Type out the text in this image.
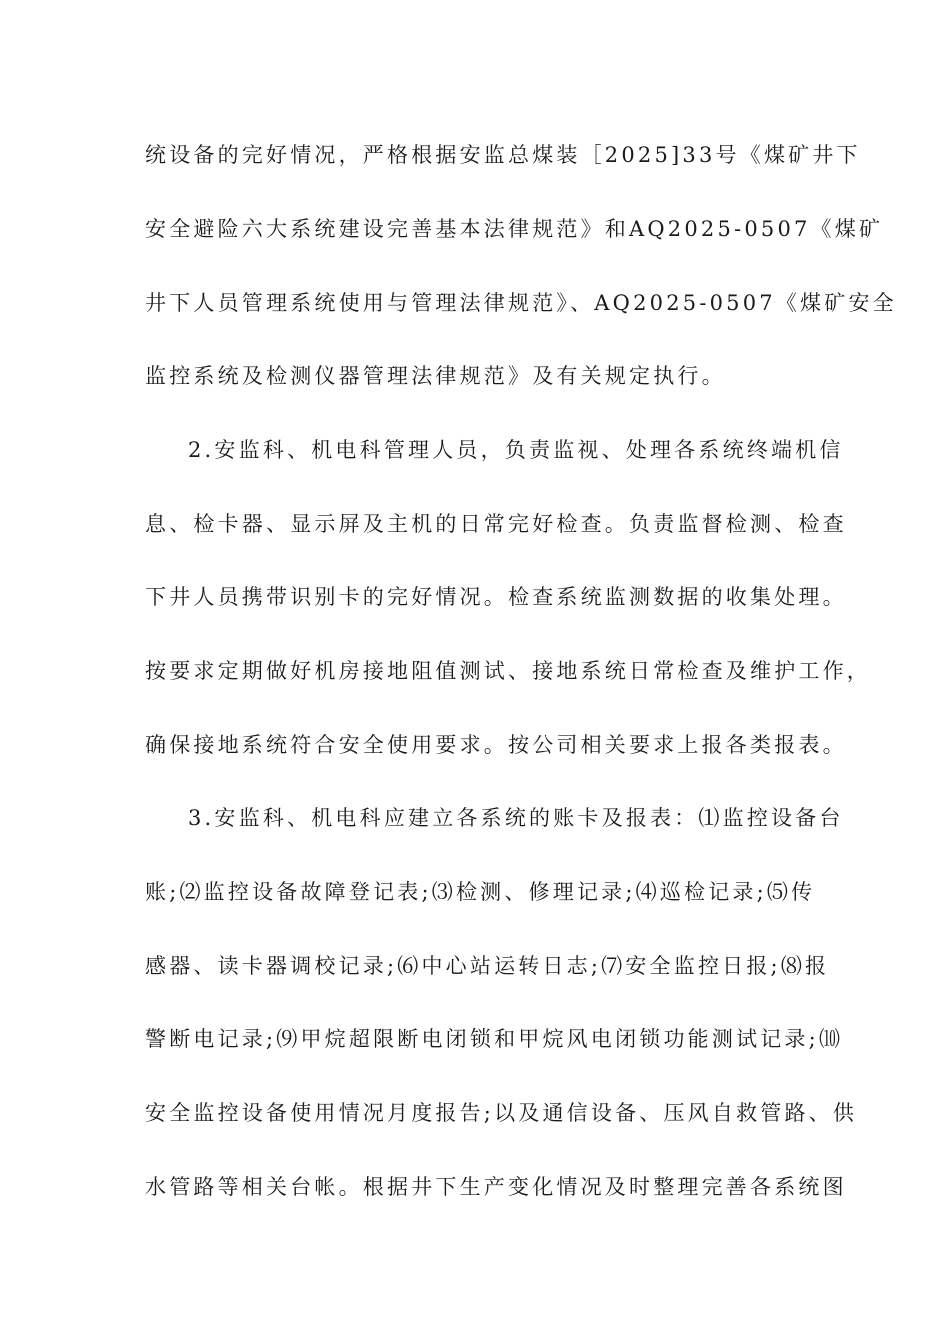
统设备的完好情况，严格根据安监总煤装［2025]33号《煤矿井下
安全避险六大系统建设完善基本法律规范》和AQ2025-0507《煤矿
井下人员管理系统使用与管理法律规范》、AQ2025-0507《煤矿安全
监控系统及检测仪器管理法律规范》及有关规定执行。
2.安监科、机电科管理人员，负责监视、处理各系统终端机信
息、检卡器、显示屏及主机的日常完好检查。负责监督检测、检查
下井人员携带识别卡的完好情况。检查系统监测数据的收集处理。
按要求定期做好机房接地阻值测试、接地系统日常检查及维护工作，
确保接地系统符合安全使用要求。按公司相关要求上报各类报表。
3.安监科、机电科应建立各系统的账卡及报表：⑴监控设备台
账;⑵监控设备故障登记表;⑶检测、修理记录;⑷巡检记录;⑸传
感器、读卡器调校记录;⑹中心站运转日志;⑺安全监控日报;⑻报
警断电记录;⑼甲烷超限断电闭锁和甲烷风电闭锁功能测试记录;⑽
安全监控设备使用情况月度报告;以及通信设备、压风自救管路、供
水管路等相关台帐。根据井下生产变化情况及时整理完善各系统图
